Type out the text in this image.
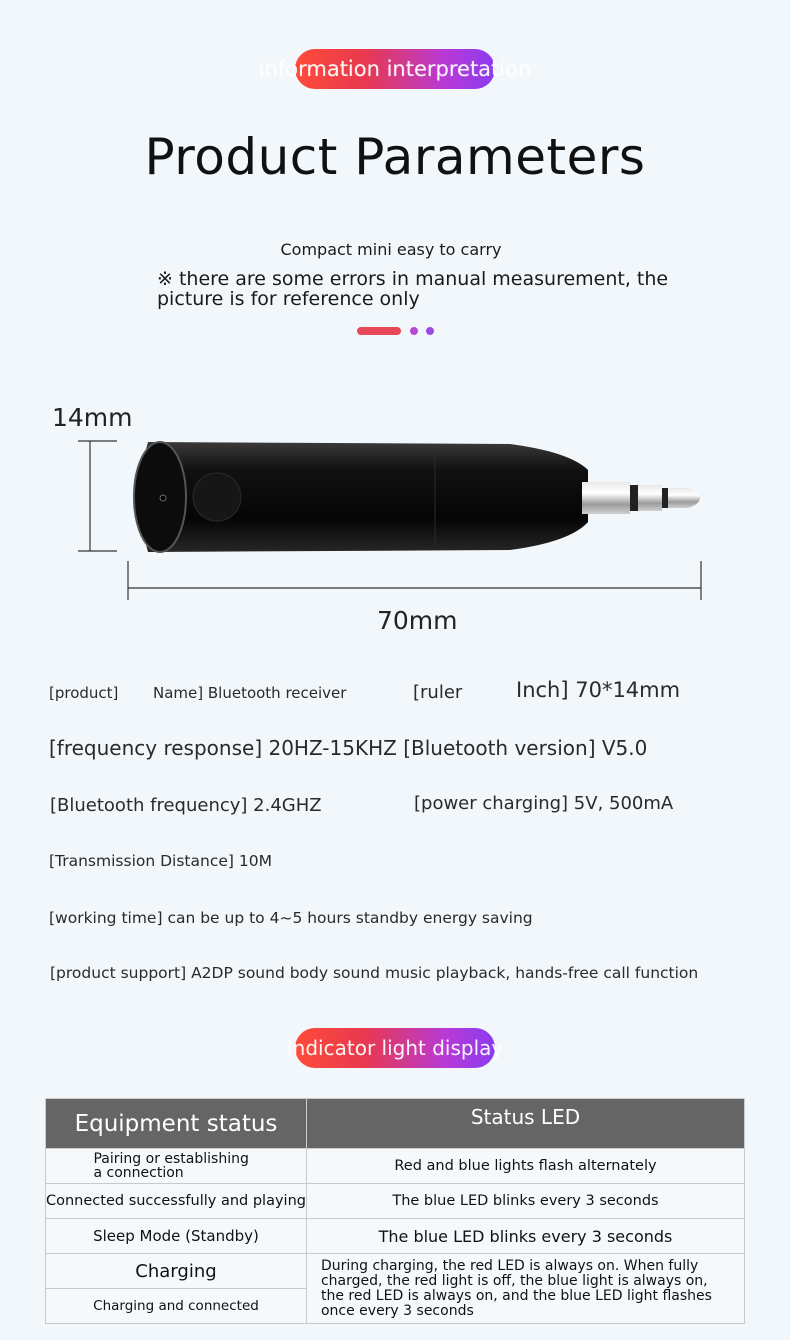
information interpretation
Product Parameters
Compact mini easy to carry
※ there are some errors in manual measurement, the picture is for reference only
14mm
70mm
[product] Name] Bluetooth receiver	[ruler	Inch] 70*14mm
[frequency response] 20HZ-15KHZ [Bluetooth version] V5.0
[Bluetooth frequency] 2.4GHZ	[power charging] 5V, 500mA
[Transmission Distance] 10M
[working time] can be up to 4~5 hours standby energy saving
[product support] A2DP sound body sound music playback, hands-free call function
Indicator light display
Equipment status	Status LED
Pairing or establishing a connection	Red and blue lights flash alternately
Connected successfully and playing	The blue LED blinks every 3 seconds
Sleep Mode (Standby)	The blue LED blinks every 3 seconds
Charging	During charging, the red LED is always on. When fully charged, the red light is off, the blue light is always on, the red LED is always on, and the blue LED light flashes once every 3 seconds
Charging and connected	
